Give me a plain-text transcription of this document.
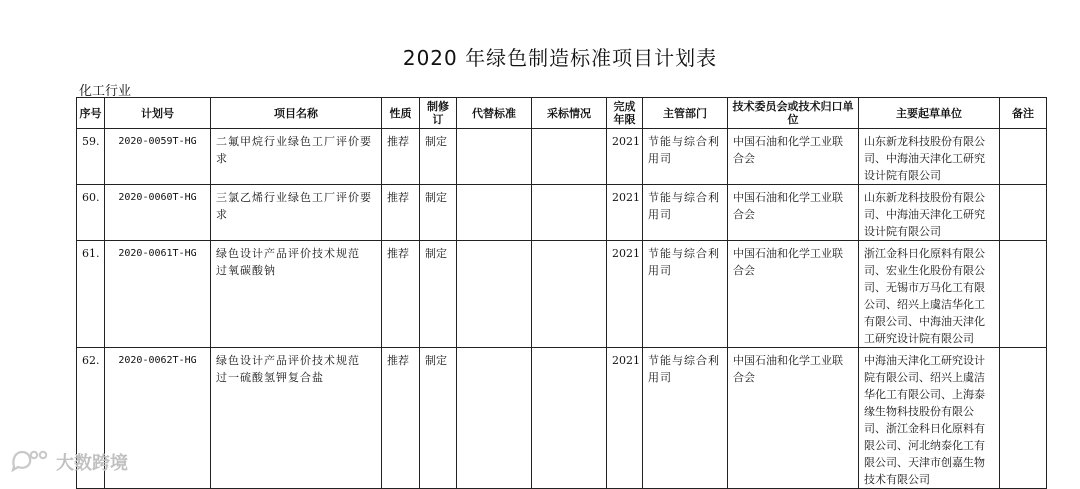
2020 年绿色制造标准项目计划表
化工行业
序号	计划号	项目名称	性质	制修订	代替标准	采标情况	完成年限	主管部门	技术委员会或技术归口单位	主要起草单位	备注
59.	2020-0059T-HG	二氟甲烷行业绿色工厂评价要求	推荐	制定			2021	节能与综合利用司	中国石油和化学工业联合会	山东新龙科技股份有限公司、中海油天津化工研究设计院有限公司	
60.	2020-0060T-HG	三氯乙烯行业绿色工厂评价要求	推荐	制定			2021	节能与综合利用司	中国石油和化学工业联合会	山东新龙科技股份有限公司、中海油天津化工研究设计院有限公司	
61.	2020-0061T-HG	绿色设计产品评价技术规范 过氧碳酸钠	推荐	制定			2021	节能与综合利用司	中国石油和化学工业联合会	浙江金科日化原料有限公司、宏业生化股份有限公司、无锡市万马化工有限公司、绍兴上虞洁华化工有限公司、中海油天津化工研究设计院有限公司	
62.	2020-0062T-HG	绿色设计产品评价技术规范 过一硫酸氢钾复合盐	推荐	制定			2021	节能与综合利用司	中国石油和化学工业联合会	中海油天津化工研究设计院有限公司、绍兴上虞洁华化工有限公司、上海泰缘生物科技股份有限公司、浙江金科日化原料有限公司、河北纳泰化工有限公司、天津市创嘉生物技术有限公司	
大数跨境
